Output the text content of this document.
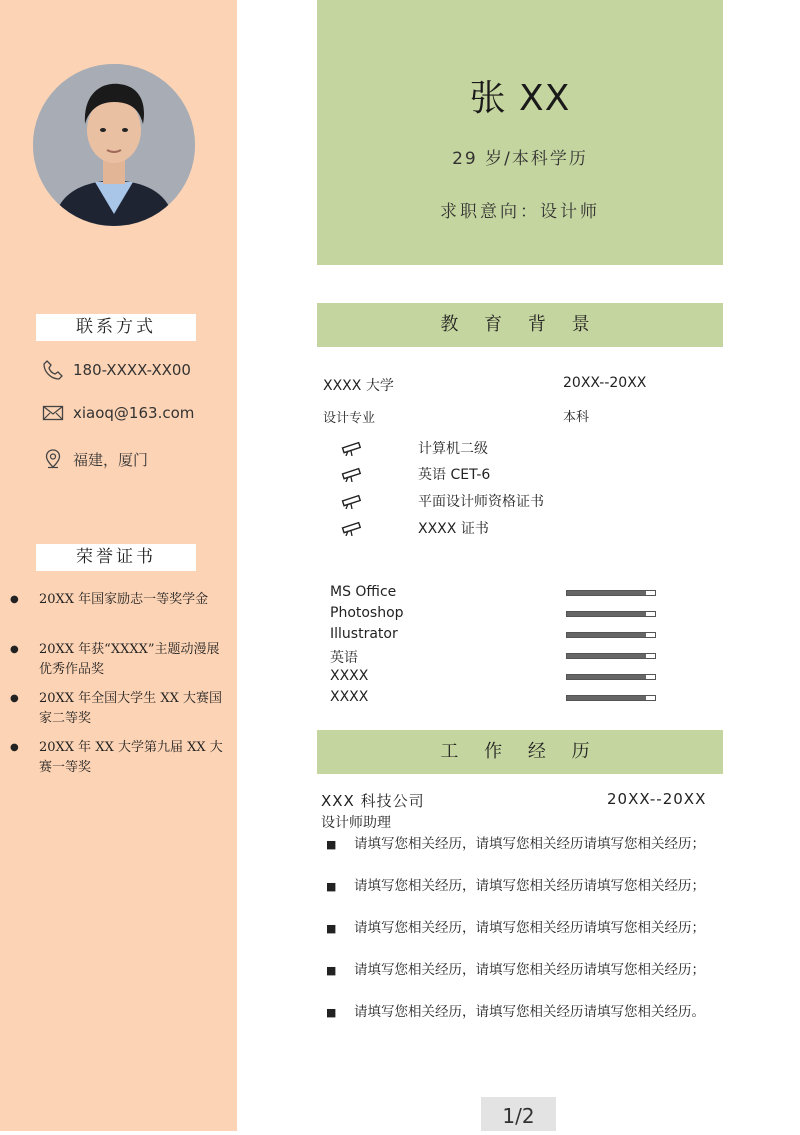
联系方式
180-XXXX-XX00
xiaoq@163.com
福建，厦门
荣誉证书
●	20XX 年国家励志一等奖学金
●	20XX 年获“XXXX”主题动漫展优秀作品奖
●	20XX 年全国大学生 XX 大赛国家二等奖
●	20XX 年 XX 大学第九届 XX 大赛一等奖
张 XX
29 岁/本科学历
求职意向：设计师
教 育 背 景
XXXX 大学	20XX--20XX
设计专业	本科
计算机二级
英语 CET-6
平面设计师资格证书
XXXX 证书
MS Office
Photoshop
Illustrator
英语
XXXX
XXXX
工 作 经 历
XXX 科技公司	20XX--20XX
设计师助理
■	请填写您相关经历，请填写您相关经历请填写您相关经历；
■	请填写您相关经历，请填写您相关经历请填写您相关经历；
■	请填写您相关经历，请填写您相关经历请填写您相关经历；
■	请填写您相关经历，请填写您相关经历请填写您相关经历；
■	请填写您相关经历，请填写您相关经历请填写您相关经历。
1/2
